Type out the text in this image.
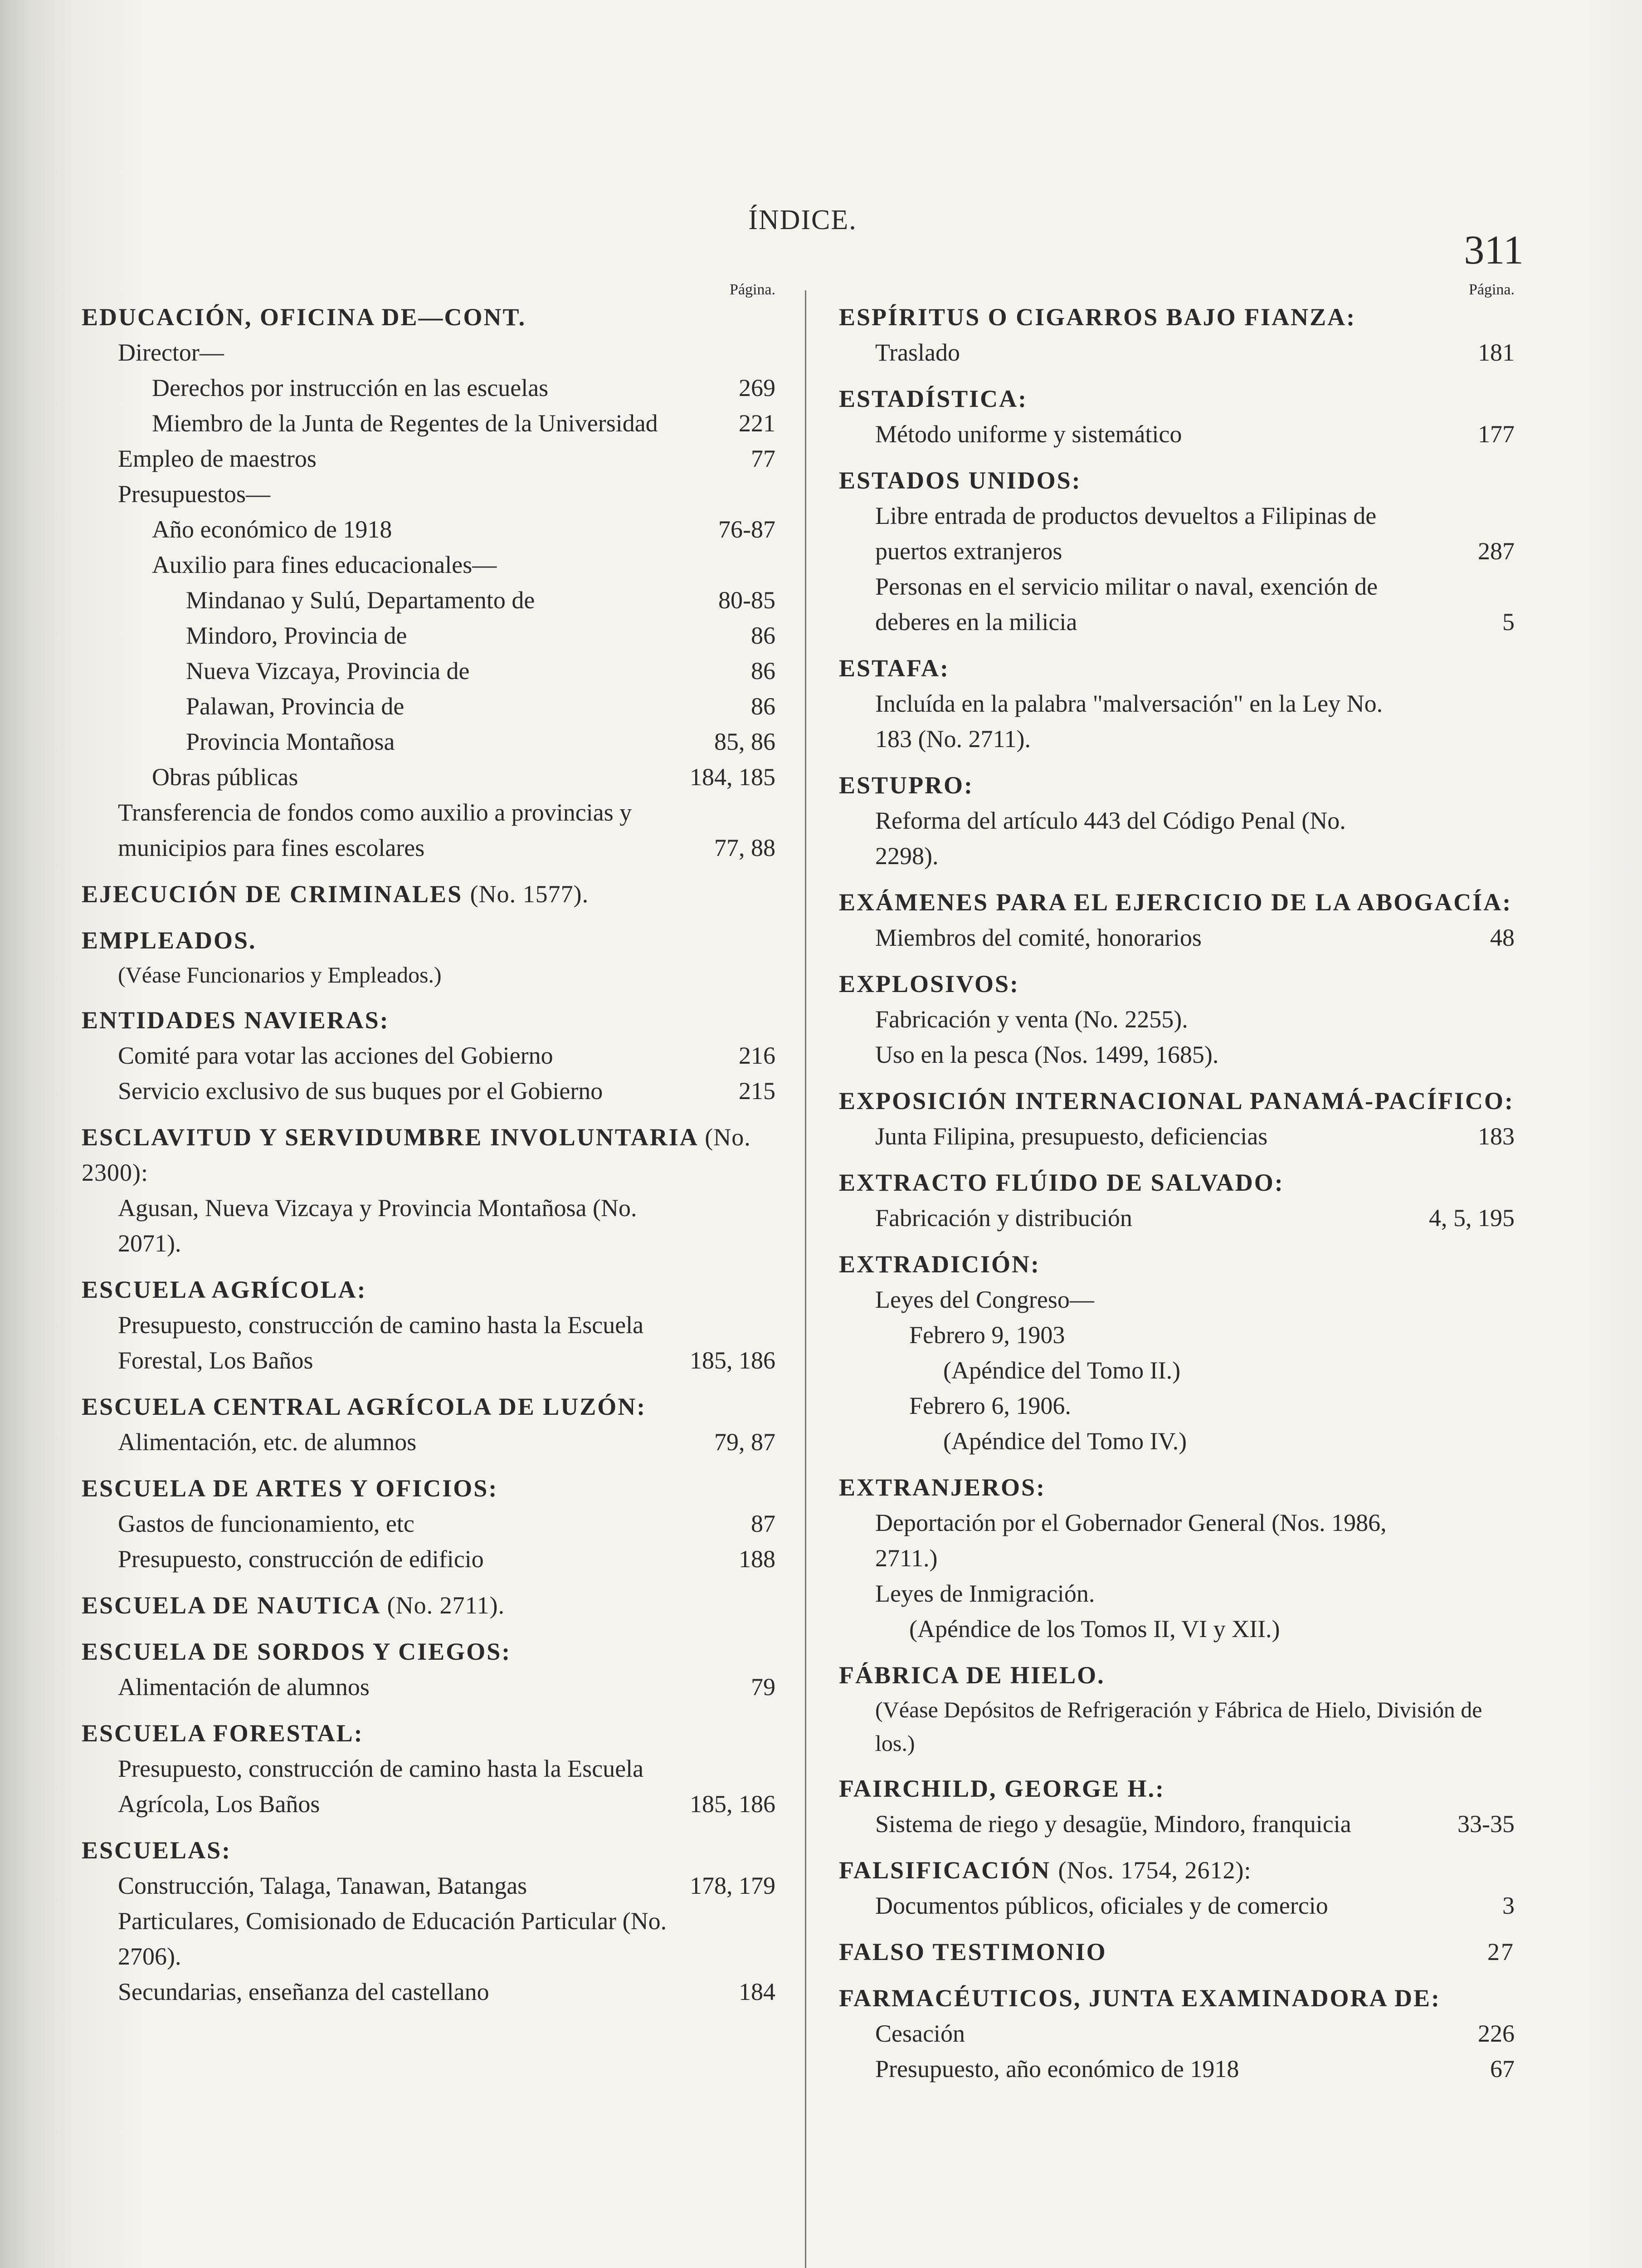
ÍNDICE.
311
Página.
EDUCACIÓN, OFICINA DE—CONT.
Director—
Derechos por instrucción en las escuelas	269
Miembro de la Junta de Regentes de la Universidad	221
Empleo de maestros	77
Presupuestos—
Año económico de 1918	76-87
Auxilio para fines educacionales—
Mindanao y Sulú, Departamento de	80-85
Mindoro, Provincia de	86
Nueva Vizcaya, Provincia de	86
Palawan, Provincia de	86
Provincia Montañosa	85, 86
Obras públicas	184, 185
Transferencia de fondos como auxilio a provincias y municipios para fines escolares	77, 88
EJECUCIÓN DE CRIMINALES (No. 1577).
EMPLEADOS.
(Véase Funcionarios y Empleados.)
ENTIDADES NAVIERAS:
Comité para votar las acciones del Gobierno	216
Servicio exclusivo de sus buques por el Gobierno	215
ESCLAVITUD Y SERVIDUMBRE INVOLUNTARIA (No. 2300):
Agusan, Nueva Vizcaya y Provincia Montañosa (No. 2071).
ESCUELA AGRÍCOLA:
Presupuesto, construcción de camino hasta la Escuela Forestal, Los Baños	185, 186
ESCUELA CENTRAL AGRÍCOLA DE LUZÓN:
Alimentación, etc. de alumnos	79, 87
ESCUELA DE ARTES Y OFICIOS:
Gastos de funcionamiento, etc	87
Presupuesto, construcción de edificio	188
ESCUELA DE NAUTICA (No. 2711).
ESCUELA DE SORDOS Y CIEGOS:
Alimentación de alumnos	79
ESCUELA FORESTAL:
Presupuesto, construcción de camino hasta la Escuela Agrícola, Los Baños	185, 186
ESCUELAS:
Construcción, Talaga, Tanawan, Batangas	178, 179
Particulares, Comisionado de Educación Particular (No. 2706).
Secundarias, enseñanza del castellano	184
Página.
ESPÍRITUS O CIGARROS BAJO FIANZA:
Traslado	181
ESTADÍSTICA:
Método uniforme y sistemático	177
ESTADOS UNIDOS:
Libre entrada de productos devueltos a Filipinas de puertos extranjeros	287
Personas en el servicio militar o naval, exención de deberes en la milicia	5
ESTAFA:
Incluída en la palabra "malversación" en la Ley No. 183 (No. 2711).
ESTUPRO:
Reforma del artículo 443 del Código Penal (No. 2298).
EXÁMENES PARA EL EJERCICIO DE LA ABOGACÍA:
Miembros del comité, honorarios	48
EXPLOSIVOS:
Fabricación y venta (No. 2255).
Uso en la pesca (Nos. 1499, 1685).
EXPOSICIÓN INTERNACIONAL PANAMÁ-PACÍFICO:
Junta Filipina, presupuesto, deficiencias	183
EXTRACTO FLÚIDO DE SALVADO:
Fabricación y distribución	4, 5, 195
EXTRADICIÓN:
Leyes del Congreso—
Febrero 9, 1903
(Apéndice del Tomo II.)
Febrero 6, 1906.
(Apéndice del Tomo IV.)
EXTRANJEROS:
Deportación por el Gobernador General (Nos. 1986, 2711.)
Leyes de Inmigración.
(Apéndice de los Tomos II, VI y XII.)
FÁBRICA DE HIELO.
(Véase Depósitos de Refrigeración y Fábrica de Hielo, División de los.)
FAIRCHILD, GEORGE H.:
Sistema de riego y desagüe, Mindoro, franquicia	33-35
FALSIFICACIÓN (Nos. 1754, 2612):
Documentos públicos, oficiales y de comercio	3
FALSO TESTIMONIO	27
FARMACÉUTICOS, JUNTA EXAMINADORA DE:
Cesación	226
Presupuesto, año económico de 1918	67
